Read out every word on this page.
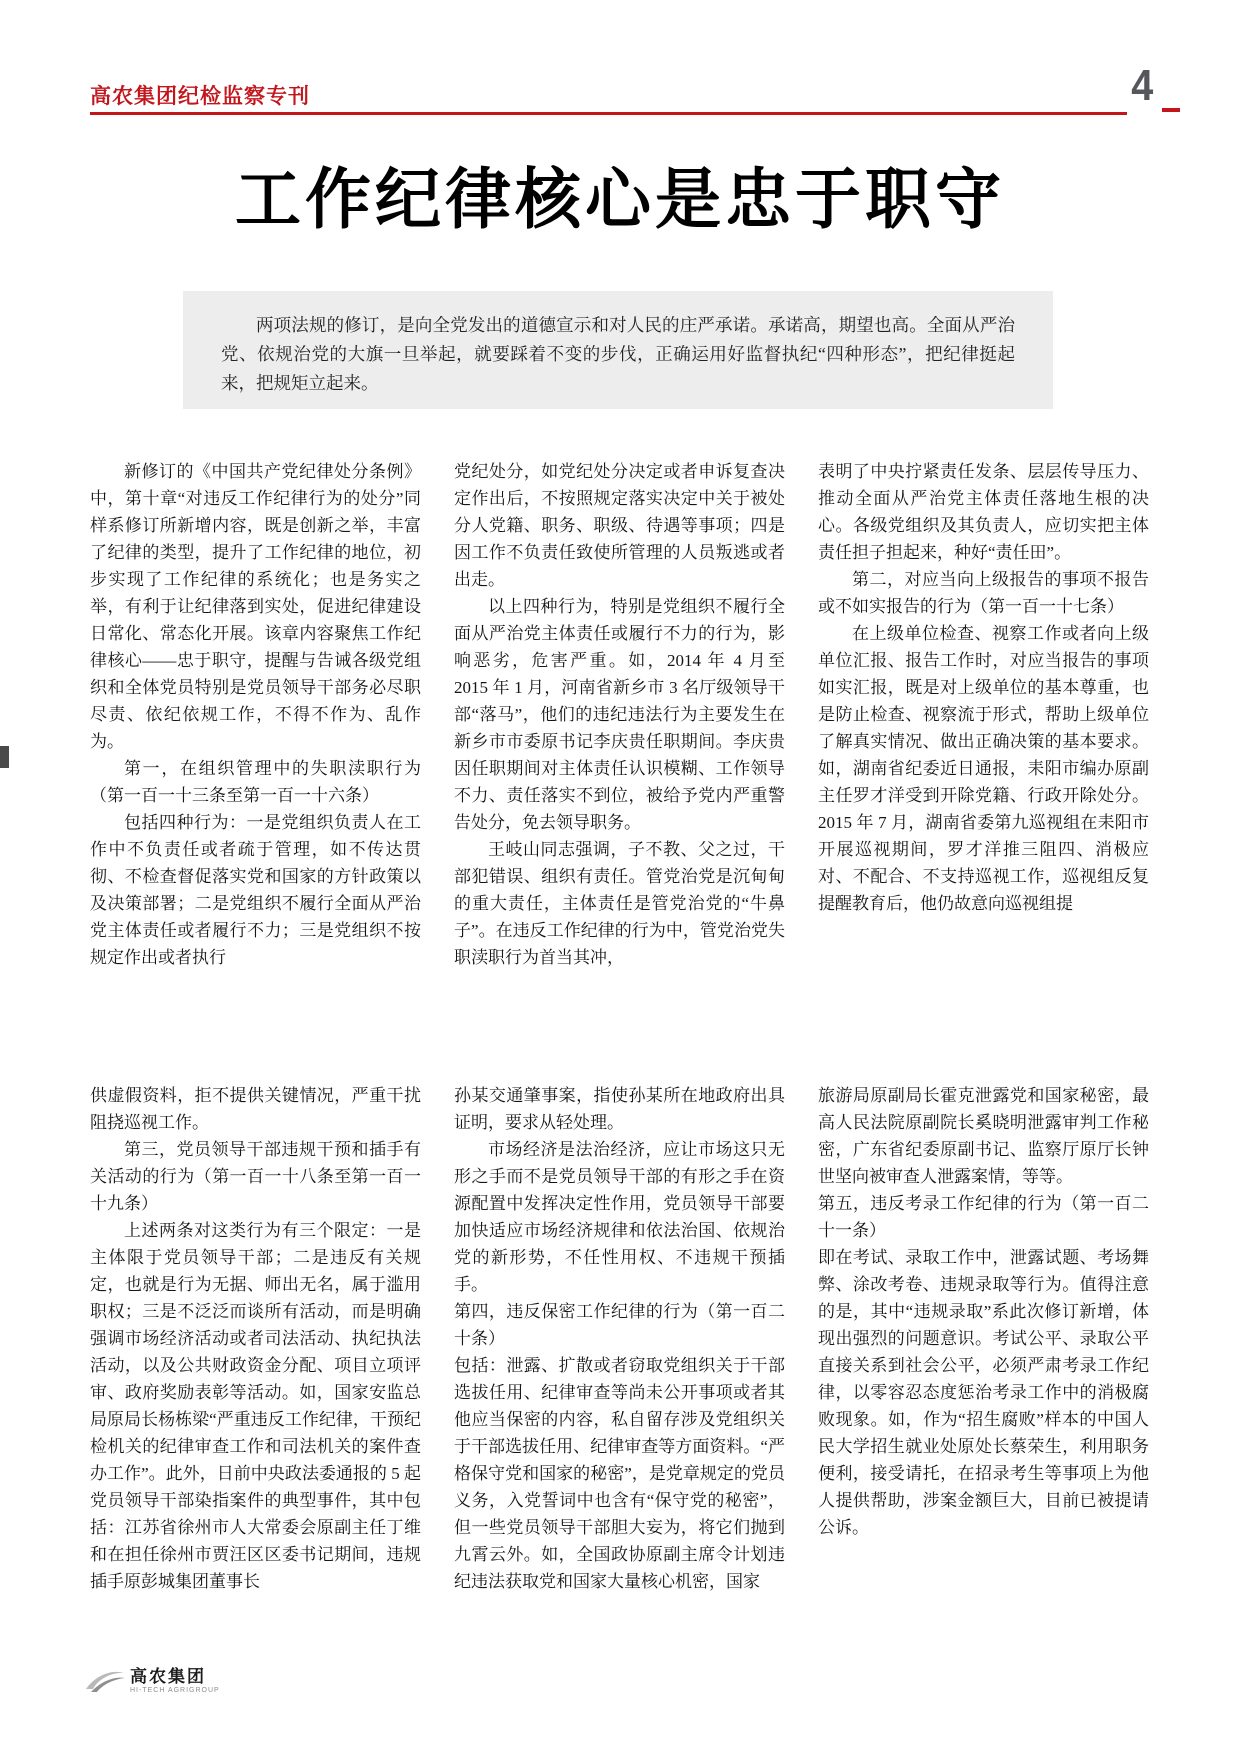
高农集团纪检监察专刊	4
工作纪律核心是忠于职守

两项法规的修订，是向全党发出的道德宣示和对人民的庄严承诺。承诺高，期望也高。全面从严治党、依规治党的大旗一旦举起，就要踩着不变的步伐，正确运用好监督执纪“四种形态”，把纪律挺起来，把规矩立起来。

新修订的《中国共产党纪律处分条例》中，第十章“对违反工作纪律行为的处分”同样系修订所新增内容，既是创新之举，丰富了纪律的类型，提升了工作纪律的地位，初步实现了工作纪律的系统化；也是务实之举，有利于让纪律落到实处，促进纪律建设日常化、常态化开展。该章内容聚焦工作纪律核心——忠于职守，提醒与告诫各级党组织和全体党员特别是党员领导干部务必尽职尽责、依纪依规工作，不得不作为、乱作为。

第一，在组织管理中的失职渎职行为（第一百一十三条至第一百一十六条）

包括四种行为：一是党组织负责人在工作中不负责任或者疏于管理，如不传达贯彻、不检查督促落实党和国家的方针政策以及决策部署；二是党组织不履行全面从严治党主体责任或者履行不力；三是党组织不按规定作出或者执行

党纪处分，如党纪处分决定或者申诉复查决定作出后，不按照规定落实决定中关于被处分人党籍、职务、职级、待遇等事项；四是因工作不负责任致使所管理的人员叛逃或者出走。

以上四种行为，特别是党组织不履行全面从严治党主体责任或履行不力的行为，影响恶劣，危害严重。如，2014 年 4 月至 2015 年 1 月，河南省新乡市 3 名厅级领导干部“落马”，他们的违纪违法行为主要发生在新乡市市委原书记李庆贵任职期间。李庆贵因任职期间对主体责任认识模糊、工作领导不力、责任落实不到位，被给予党内严重警告处分，免去领导职务。

王岐山同志强调，子不教、父之过，干部犯错误、组织有责任。管党治党是沉甸甸的重大责任，主体责任是管党治党的“牛鼻子”。在违反工作纪律的行为中，管党治党失职渎职行为首当其冲，

表明了中央拧紧责任发条、层层传导压力、推动全面从严治党主体责任落地生根的决心。各级党组织及其负责人，应切实把主体责任担子担起来，种好“责任田”。

第二，对应当向上级报告的事项不报告或不如实报告的行为（第一百一十七条）

在上级单位检查、视察工作或者向上级单位汇报、报告工作时，对应当报告的事项如实汇报，既是对上级单位的基本尊重，也是防止检查、视察流于形式，帮助上级单位了解真实情况、做出正确决策的基本要求。如，湖南省纪委近日通报，耒阳市编办原副主任罗才洋受到开除党籍、行政开除处分。2015 年 7 月，湖南省委第九巡视组在耒阳市开展巡视期间，罗才洋推三阻四、消极应对、不配合、不支持巡视工作，巡视组反复提醒教育后，他仍故意向巡视组提

供虚假资料，拒不提供关键情况，严重干扰阻挠巡视工作。

第三，党员领导干部违规干预和插手有关活动的行为（第一百一十八条至第一百一十九条）

上述两条对这类行为有三个限定：一是主体限于党员领导干部；二是违反有关规定，也就是行为无据、师出无名，属于滥用职权；三是不泛泛而谈所有活动，而是明确强调市场经济活动或者司法活动、执纪执法活动，以及公共财政资金分配、项目立项评审、政府奖励表彰等活动。如，国家安监总局原局长杨栋梁“严重违反工作纪律，干预纪检机关的纪律审查工作和司法机关的案件查办工作”。此外，日前中央政法委通报的 5 起党员领导干部染指案件的典型事件，其中包括：江苏省徐州市人大常委会原副主任丁维和在担任徐州市贾汪区区委书记期间，违规插手原彭城集团董事长

孙某交通肇事案，指使孙某所在地政府出具证明，要求从轻处理。

市场经济是法治经济，应让市场这只无形之手而不是党员领导干部的有形之手在资源配置中发挥决定性作用，党员领导干部要加快适应市场经济规律和依法治国、依规治党的新形势，不任性用权、不违规干预插手。

第四，违反保密工作纪律的行为（第一百二十条）

包括：泄露、扩散或者窃取党组织关于干部选拔任用、纪律审查等尚未公开事项或者其他应当保密的内容，私自留存涉及党组织关于干部选拔任用、纪律审查等方面资料。“严格保守党和国家的秘密”，是党章规定的党员义务，入党誓词中也含有“保守党的秘密”，但一些党员领导干部胆大妄为，将它们抛到九霄云外。如，全国政协原副主席令计划违纪违法获取党和国家大量核心机密，国家

旅游局原副局长霍克泄露党和国家秘密，最高人民法院原副院长奚晓明泄露审判工作秘密，广东省纪委原副书记、监察厅原厅长钟世坚向被审查人泄露案情，等等。

第五，违反考录工作纪律的行为（第一百二十一条）

即在考试、录取工作中，泄露试题、考场舞弊、涂改考卷、违规录取等行为。值得注意的是，其中“违规录取”系此次修订新增，体现出强烈的问题意识。考试公平、录取公平直接关系到社会公平，必须严肃考录工作纪律，以零容忍态度惩治考录工作中的消极腐败现象。如，作为“招生腐败”样本的中国人民大学招生就业处原处长蔡荣生，利用职务便利，接受请托，在招录考生等事项上为他人提供帮助，涉案金额巨大，目前已被提请公诉。

高农集团
HI-TECH AGRIGROUP
